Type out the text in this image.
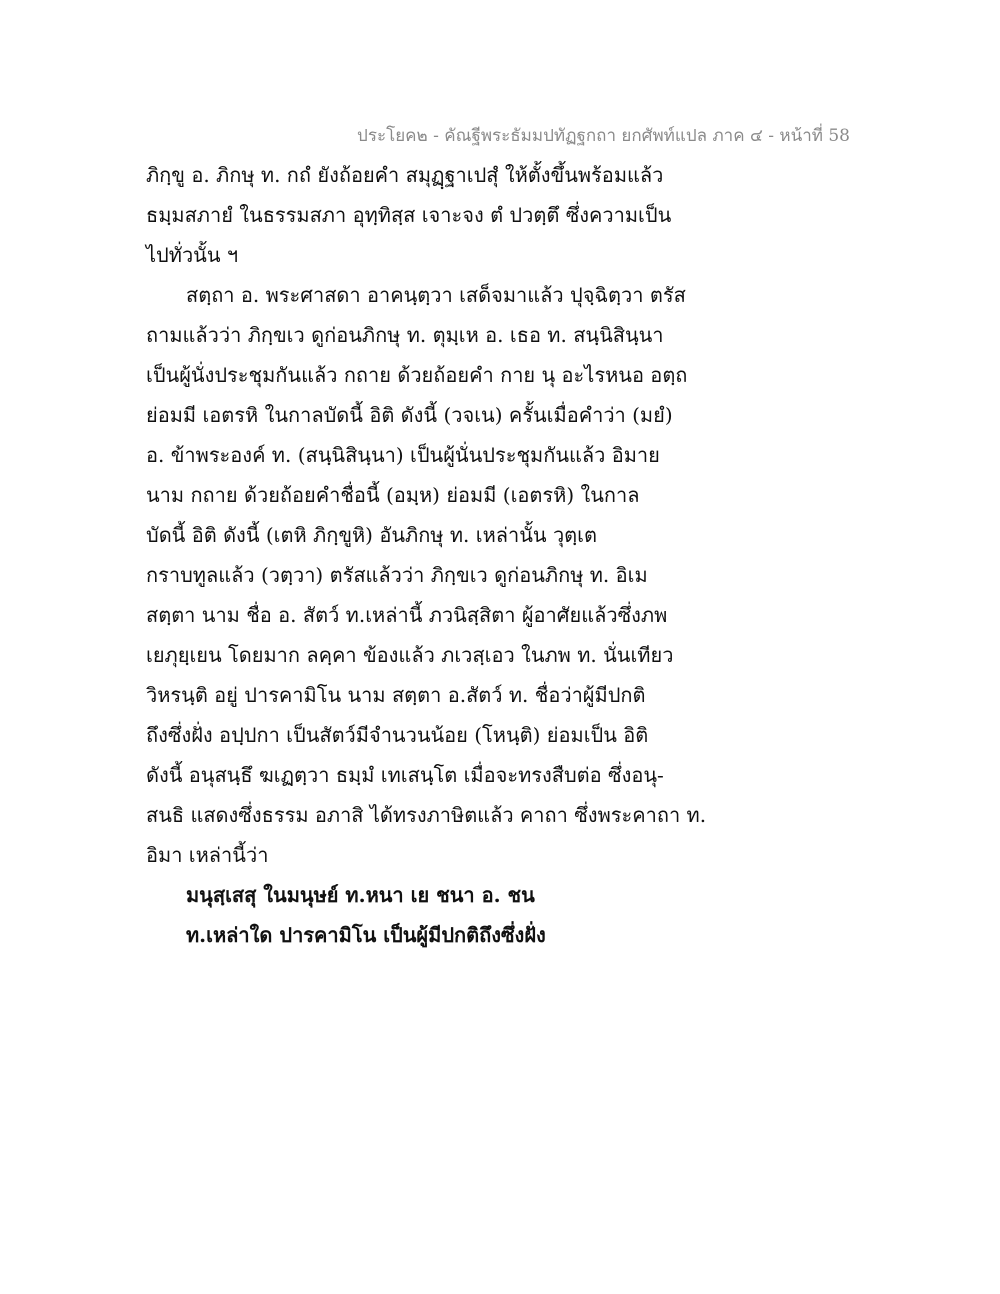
ประโยค๒ - คัณฐีพระธัมมปทัฏฐกถา ยกศัพท์แปล ภาค ๔ - หน้าที่ 58
ภิกฺขู อ. ภิกษุ ท. กถํ ยังถ้อยคำ สมุฏฺฐาเปสุํ ให้ตั้งขึ้นพร้อมแล้ว
ธมฺมสภายํ ในธรรมสภา อุทฺทิสฺส เจาะจง ตํ ปวตฺตึ ซึ่งความเป็น
ไปทั่วนั้น ฯ
สตฺถา อ. พระศาสดา อาคนฺตฺวา เสด็จมาแล้ว ปุจฺฉิตฺวา ตรัส
ถามแล้วว่า ภิกฺขเว ดูก่อนภิกษุ ท. ตุมฺเห อ. เธอ ท. สนฺนิสินฺนา
เป็นผู้นั่งประชุมกันแล้ว กถาย ด้วยถ้อยคำ กาย นุ อะไรหนอ อตฺถ
ย่อมมี เอตรหิ ในกาลบัดนี้ อิติ ดังนี้ (วจเน) ครั้นเมื่อคำว่า (มยํ)
อ. ข้าพระองค์ ท. (สนฺนิสินฺนา) เป็นผู้นั่นประชุมกันแล้ว อิมาย
นาม กถาย ด้วยถ้อยคำชื่อนี้ (อมฺห) ย่อมมี (เอตรหิ) ในกาล
บัดนี้ อิติ ดังนี้ (เตหิ ภิกฺขูหิ) อันภิกษุ ท. เหล่านั้น วุตฺเต
กราบทูลแล้ว (วตฺวา) ตรัสแล้วว่า ภิกฺขเว ดูก่อนภิกษุ ท. อิเม
สตฺตา นาม ชื่อ อ. สัตว์ ท.เหล่านี้ ภวนิสฺสิตา ผู้อาศัยแล้วซึ่งภพ
เยภุยฺเยน โดยมาก ลคฺคา ข้องแล้ว ภเวสฺเอว ในภพ ท. นั่นเทียว
วิหรนฺติ อยู่ ปารคามิโน นาม สตฺตา อ.สัตว์ ท. ชื่อว่าผู้มีปกติ
ถึงซึ่งฝั่ง อปฺปกา เป็นสัตว์มีจำนวนน้อย (โหนฺติ) ย่อมเป็น อิติ
ดังนี้ อนุสนฺธึ ฆเฏตฺวา ธมฺมํ เทเสนฺโต เมื่อจะทรงสืบต่อ ซึ่งอนุ-
สนธิ แสดงซึ่งธรรม อภาสิ ได้ทรงภาษิตแล้ว คาถา ซึ่งพระคาถา ท.
อิมา เหล่านี้ว่า
มนุสฺเสสุ ในมนุษย์ ท.หนา เย ชนา อ. ชน
ท.เหล่าใด ปารคามิโน เป็นผู้มีปกติถึงซึ่งฝั่ง
